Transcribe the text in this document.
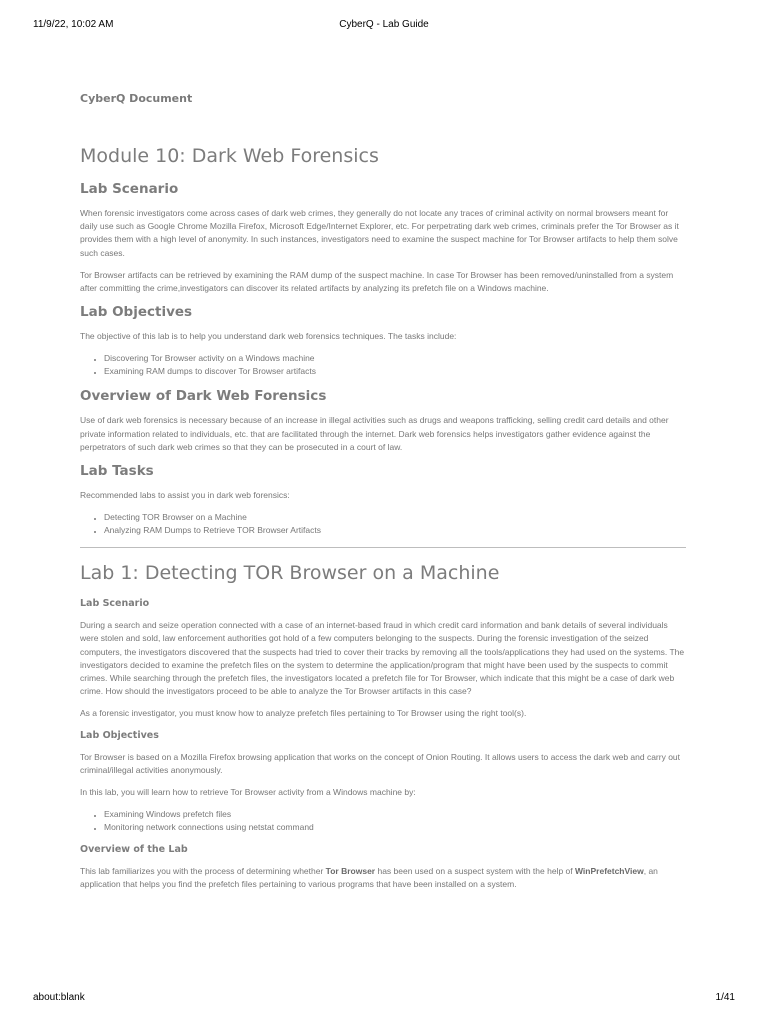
11/9/22, 10:02 AM	CyberQ - Lab Guide
CyberQ Document
Module 10: Dark Web Forensics
Lab Scenario

When forensic investigators come across cases of dark web crimes, they generally do not locate any traces of criminal activity on normal browsers meant for daily use such as Google Chrome Mozilla Firefox, Microsoft Edge/Internet Explorer, etc. For perpetrating dark web crimes, criminals prefer the Tor Browser as it provides them with a high level of anonymity. In such instances, investigators need to examine the suspect machine for Tor Browser artifacts to help them solve such cases.

Tor Browser artifacts can be retrieved by examining the RAM dump of the suspect machine. In case Tor Browser has been removed/uninstalled from a system after committing the crime,investigators can discover its related artifacts by analyzing its prefetch file on a Windows machine.

Lab Objectives

The objective of this lab is to help you understand dark web forensics techniques. The tasks include:

• Discovering Tor Browser activity on a Windows machine
• Examining RAM dumps to discover Tor Browser artifacts
Overview of Dark Web Forensics

Use of dark web forensics is necessary because of an increase in illegal activities such as drugs and weapons trafficking, selling credit card details and other private information related to individuals, etc. that are facilitated through the internet. Dark web forensics helps investigators gather evidence against the perpetrators of such dark web crimes so that they can be prosecuted in a court of law.

Lab Tasks

Recommended labs to assist you in dark web forensics:

• Detecting TOR Browser on a Machine
• Analyzing RAM Dumps to Retrieve TOR Browser Artifacts
Lab 1: Detecting TOR Browser on a Machine
Lab Scenario

During a search and seize operation connected with a case of an internet-based fraud in which credit card information and bank details of several individuals were stolen and sold, law enforcement authorities got hold of a few computers belonging to the suspects. During the forensic investigation of the seized computers, the investigators discovered that the suspects had tried to cover their tracks by removing all the tools/applications they had used on the systems. The investigators decided to examine the prefetch files on the system to determine the application/program that might have been used by the suspects to commit crimes. While searching through the prefetch files, the investigators located a prefetch file for Tor Browser, which indicate that this might be a case of dark web crime. How should the investigators proceed to be able to analyze the Tor Browser artifacts in this case?

As a forensic investigator, you must know how to analyze prefetch files pertaining to Tor Browser using the right tool(s).

Lab Objectives

Tor Browser is based on a Mozilla Firefox browsing application that works on the concept of Onion Routing. It allows users to access the dark web and carry out criminal/illegal activities anonymously.

In this lab, you will learn how to retrieve Tor Browser activity from a Windows machine by:

• Examining Windows prefetch files
• Monitoring network connections using netstat command
Overview of the Lab

This lab familiarizes you with the process of determining whether Tor Browser has been used on a suspect system with the help of WinPrefetchView, an application that helps you find the prefetch files pertaining to various programs that have been installed on a system.

about:blank	1/41
